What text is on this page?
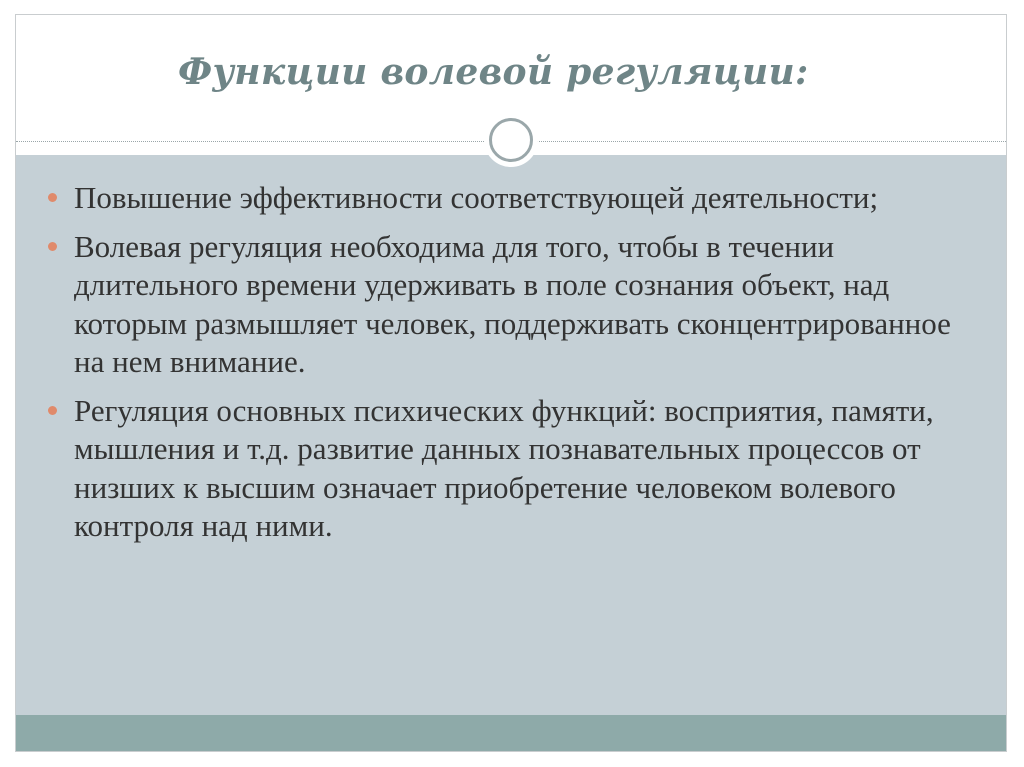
Функции волевой регуляции:
Повышение эффективности соответствующей деятельности;
Волевая регуляция необходима для того, чтобы в течении длительного времени удерживать в поле сознания объект, над которым размышляет человек, поддерживать сконцентрированное на нем внимание.
Регуляция основных психических функций: восприятия, памяти, мышления и т.д. развитие данных познавательных процессов от низших к высшим означает приобретение человеком волевого контроля над ними.
